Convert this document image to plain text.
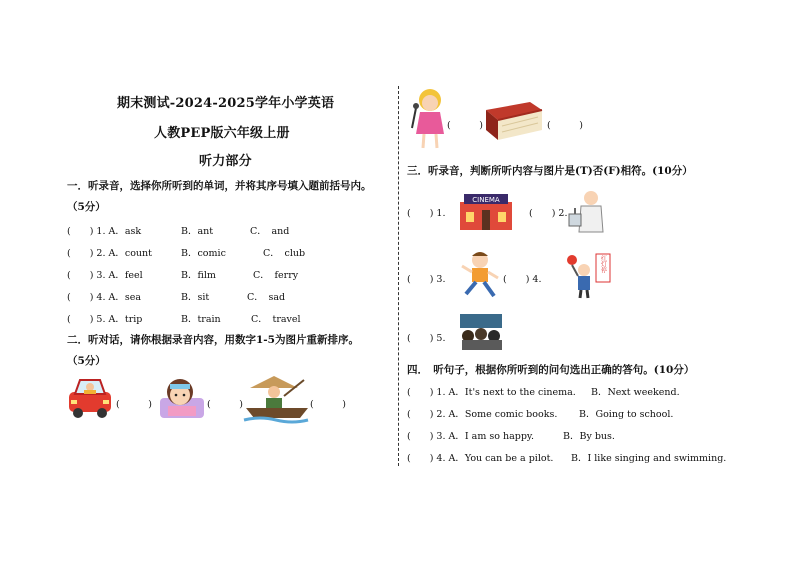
期末测试-2024-2025学年小学英语
人教PEP版六年级上册
听力部分
一．听录音，选择你所听到的单词，并将其序号填入题前括号内。
（5分）
(　　) 1. A．ask	B．ant	C．　and
(　　) 2. A．count	B．comic	C．　club
(　　) 3. A．feel	B．film	C．　ferry
(　　) 4. A．sea	B．sit	C．　sad
(　　) 5. A．trip	B．train	C．　travel
二．听对话，请你根据录音内容，用数字1-5为图片重新排序。
（5分）
(　　　)	(　　　)	(　　　)
(　　　)	(　　　)
三．听录音，判断所听内容与图片是(T)否(F)相符。(10分）
(　　) 1.
CINEMA
(　　) 2.
(　　) 3.	(　　) 4.
红灯停
(　　) 5.
四．　听句子，根据你所听到的问句选出正确的答句。(10分）
(　　) 1. A．It's next to the cinema. B．Next weekend.
(　　) 2. A．Some comic books. B．Going to school.
(　　) 3. A．I am so happy.	B．By bus.
(　　) 4. A．You can be a pilot. B．I like singing and swimming.
